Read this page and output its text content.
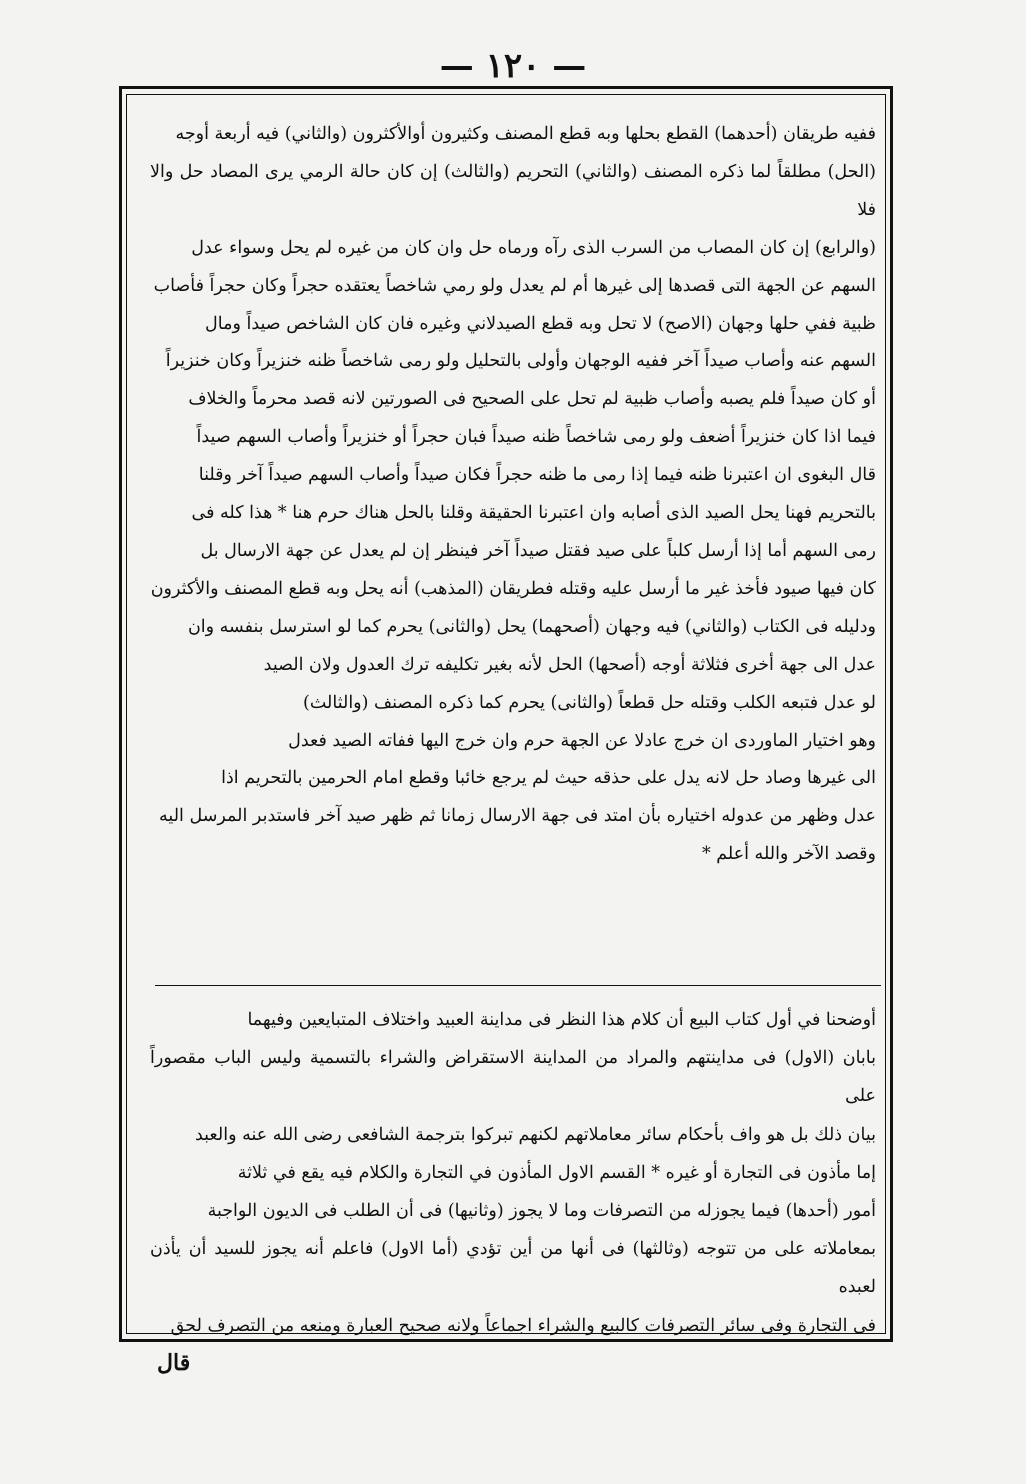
— ١٢٠ —

ففيه طريقان (أحدهما) القطع بحلها وبه قطع المصنف وكثيرون أوالأكثرون (والثاني) فيه أربعة أوجه

(الحل) مطلقاً لما ذكره المصنف (والثاني) التحريم (والثالث) إن كان حالة الرمي يرى المصاد حل والا فلا

(والرابع) إن كان المصاب من السرب الذى رآه ورماه حل وان كان من غيره لم يحل وسواء عدل

السهم عن الجهة التى قصدها إلى غيرها أم لم يعدل ولو رمي شاخصاً يعتقده حجراً وكان حجراً فأصاب

ظبية ففي حلها وجهان (الاصح) لا تحل وبه قطع الصيدلاني وغيره فان كان الشاخص صيداً ومال

السهم عنه وأصاب صيداً آخر ففيه الوجهان وأولى بالتحليل ولو رمى شاخصاً ظنه خنزيراً وكان خنزيراً

أو كان صيداً فلم يصبه وأصاب ظبية لم تحل على الصحيح فى الصورتين لانه قصد محرماً والخلاف

فيما اذا كان خنزيراً أضعف ولو رمى شاخصاً ظنه صيداً فبان حجراً أو خنزيراً وأصاب السهم صيداً

قال البغوى ان اعتبرنا ظنه فيما إذا رمى ما ظنه حجراً فكان صيداً وأصاب السهم صيداً آخر وقلنا

بالتحريم فهنا يحل الصيد الذى أصابه وان اعتبرنا الحقيقة وقلنا بالحل هناك حرم هنا * هذا كله فى

رمى السهم أما إذا أرسل كلباً على صيد فقتل صيداً آخر فينظر إن لم يعدل عن جهة الارسال بل

كان فيها صيود فأخذ غير ما أرسل عليه وقتله فطريقان (المذهب) أنه يحل وبه قطع المصنف والأكثرون

ودليله فى الكتاب (والثاني) فيه وجهان (أصحهما) يحل (والثانى) يحرم كما لو استرسل بنفسه وان

عدل الى جهة أخرى فثلاثة أوجه (أصحها) الحل لأنه بغير تكليفه ترك العدول ولان الصيد

لو عدل فتبعه الكلب وقتله حل قطعاً (والثانى) يحرم كما ذكره المصنف (والثالث)

وهو اختيار الماوردى ان خرج عادلا عن الجهة حرم وان خرج اليها ففاته الصيد فعدل

الى غيرها وصاد حل لانه يدل على حذقه حيث لم يرجع خائبا وقطع امام الحرمين بالتحريم اذا

عدل وظهر من عدوله اختياره بأن امتد فى جهة الارسال زمانا ثم ظهر صيد آخر فاستدبر المرسل اليه

وقصد الآخر والله أعلم *

أوضحنا في أول كتاب البيع أن كلام هذا النظر فى مداينة العبيد واختلاف المتبايعين وفيهما

بابان (الاول) فى مداينتهم والمراد من المداينة الاستقراض والشراء بالتسمية وليس الباب مقصوراً على

بيان ذلك بل هو واف بأحكام سائر معاملاتهم لكنهم تبركوا بترجمة الشافعى رضى الله عنه والعبد

إما مأذون فى التجارة أو غيره * القسم الاول المأذون في التجارة والكلام فيه يقع في ثلاثة

أمور (أحدها) فيما يجوزله من التصرفات وما لا يجوز (وثانيها) فى أن الطلب فى الديون الواجبة

بمعاملاته على من تتوجه (وثالثها) فى أنها من أين تؤدي (أما الاول) فاعلم أنه يجوز للسيد أن يأذن لعبده

فى التجارة وفى سائر التصرفات كالبيع والشراء اجماعاً ولانه صحيح العبارة ومنعه من التصرف لحق

قال
